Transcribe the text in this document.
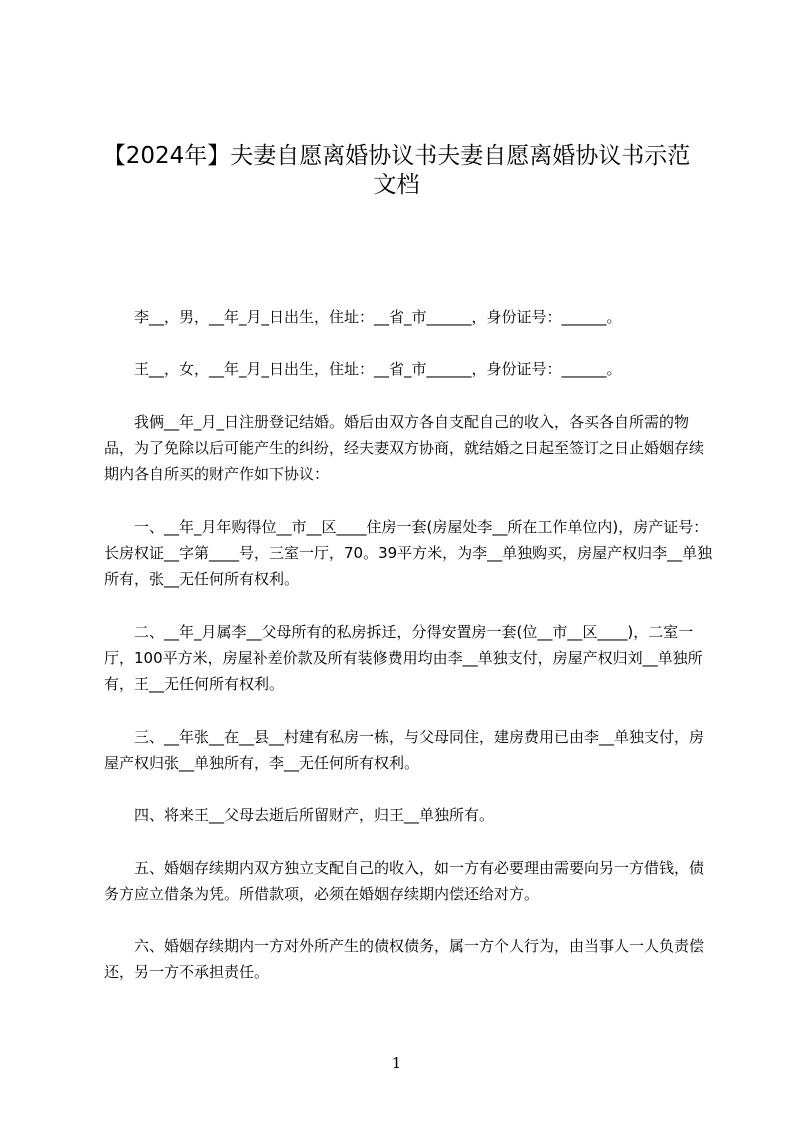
【2024年】夫妻自愿离婚协议书夫妻自愿离婚协议书示范文档

李__，男，__年_月_日出生，住址：__省_市______，身份证号：______。

王__，女，__年_月_日出生，住址：__省_市______，身份证号：______。

我俩__年_月_日注册登记结婚。婚后由双方各自支配自己的收入，各买各自所需的物品，为了免除以后可能产生的纠纷，经夫妻双方协商，就结婚之日起至签订之日止婚姻存续期内各自所买的财产作如下协议：

一、__年_月年购得位__市__区____住房一套(房屋处李__所在工作单位内)，房产证号：长房权证__字第____号，三室一厅，70。39平方米，为李__单独购买，房屋产权归李__单独所有，张__无任何所有权利。

二、__年_月属李__父母所有的私房拆迁，分得安置房一套(位__市__区____)，二室一厅，100平方米，房屋补差价款及所有装修费用均由李__单独支付，房屋产权归刘__单独所有，王__无任何所有权利。

三、__年张__在__县__村建有私房一栋，与父母同住，建房费用已由李__单独支付，房屋产权归张__单独所有，李__无任何所有权利。

四、将来王__父母去逝后所留财产，归王__单独所有。

五、婚姻存续期内双方独立支配自己的收入，如一方有必要理由需要向另一方借钱，债务方应立借条为凭。所借款项，必须在婚姻存续期内偿还给对方。

六、婚姻存续期内一方对外所产生的债权债务，属一方个人行为，由当事人一人负责偿还，另一方不承担责任。

1
